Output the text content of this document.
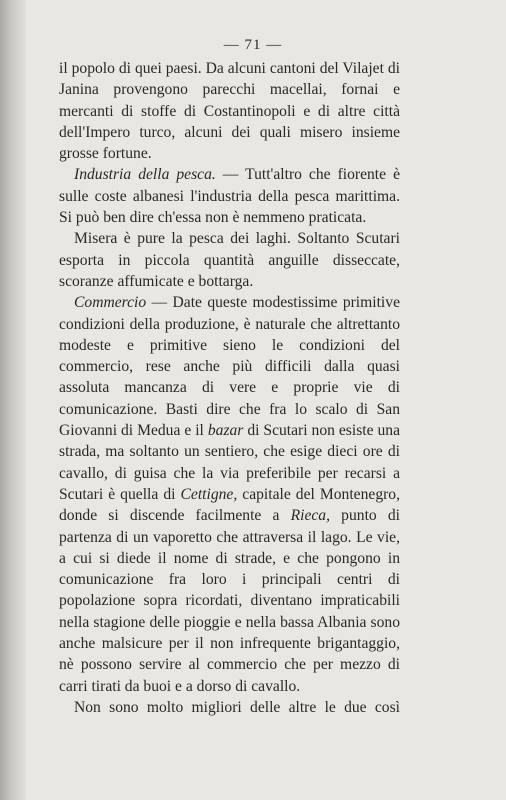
— 71 —

il popolo di quei paesi. Da alcuni cantoni del Vilajet di Janina provengono parecchi macellai, fornai e mercanti di stoffe di Costantinopoli e di altre città dell'Impero turco, alcuni dei quali misero insieme grosse fortune.

Industria della pesca. — Tutt'altro che fiorente è sulle coste albanesi l'industria della pesca marittima. Si può ben dire ch'essa non è nemmeno praticata.

Misera è pure la pesca dei laghi. Soltanto Scutari esporta in piccola quantità anguille disseccate, scoranze affumicate e bottarga.

Commercio — Date queste modestissime primitive condizioni della produzione, è naturale che altrettanto modeste e primitive sieno le condizioni del commercio, rese anche più difficili dalla quasi assoluta mancanza di vere e proprie vie di comunicazione. Basti dire che fra lo scalo di San Giovanni di Medua e il bazar di Scutari non esiste una strada, ma soltanto un sentiero, che esige dieci ore di cavallo, di guisa che la via preferibile per recarsi a Scutari è quella di Cettigne, capitale del Montenegro, donde si discende facilmente a Rieca, punto di partenza di un vaporetto che attraversa il lago. Le vie, a cui si diede il nome di strade, e che pongono in comunicazione fra loro i principali centri di popolazione sopra ricordati, diventano impraticabili nella stagione delle pioggie e nella bassa Albania sono anche malsicure per il non infrequente brigantaggio, nè possono servire al commercio che per mezzo di carri tirati da buoi e a dorso di cavallo.

Non sono molto migliori delle altre le due così
